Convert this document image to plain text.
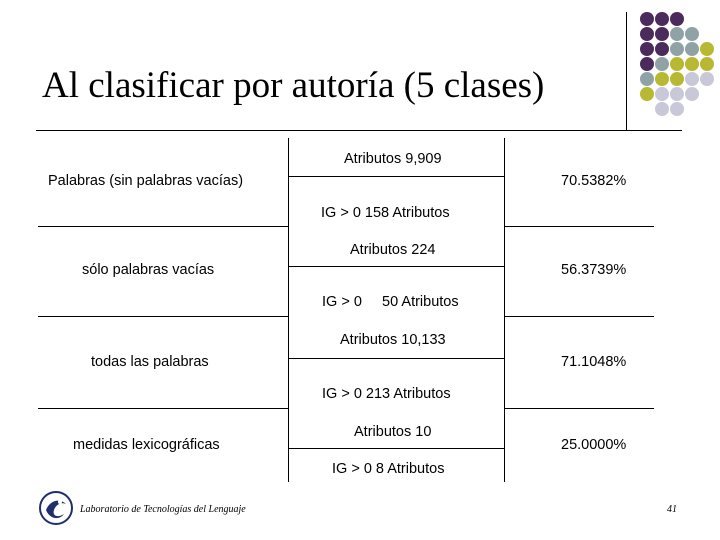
Al clasificar por autoría (5 clases)
Palabras (sin palabras vacías)
Atributos 9,909
IG > 0 158 Atributos
70.5382%
sólo palabras vacías
Atributos 224
IG > 0     50 Atributos
56.3739%
todas las palabras
Atributos 10,133
IG > 0 213 Atributos
71.1048%
medidas lexicográficas
Atributos 10
IG > 0 8 Atributos
25.0000%
Laboratorio de Tecnologías del Lenguaje	41
